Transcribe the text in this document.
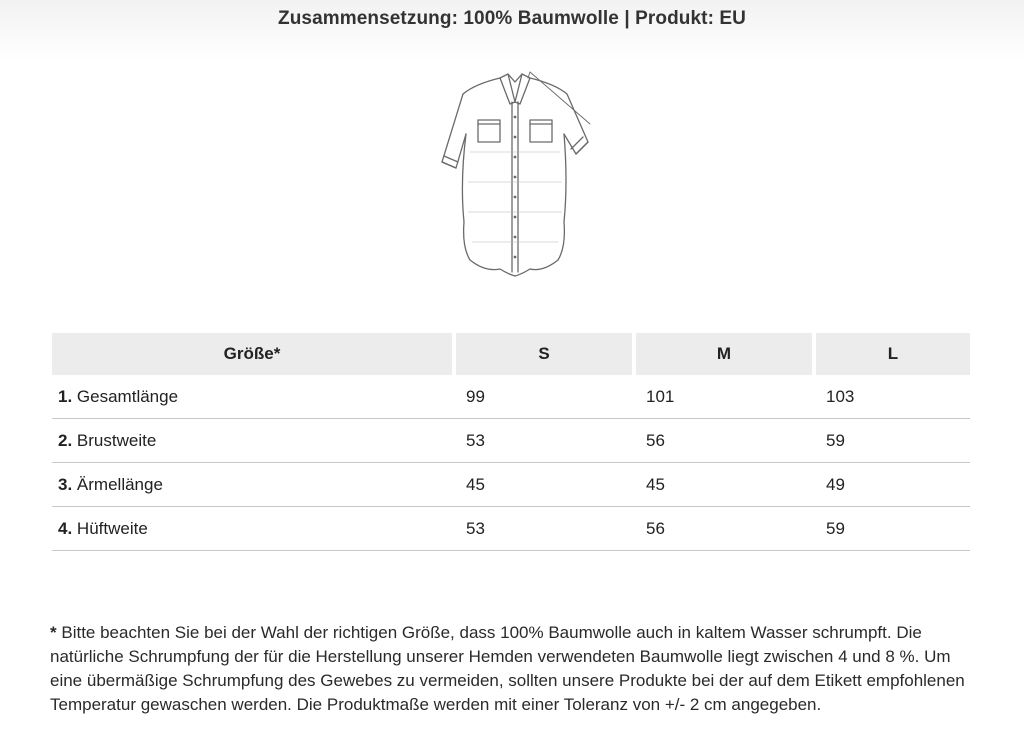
Zusammensetzung: 100% Baumwolle | Produkt: EU
Größe*	S	M	L
1. Gesamtlänge	99	101	103
2. Brustweite	53	56	59
3. Ärmellänge	45	45	49
4. Hüftweite	53	56	59
* Bitte beachten Sie bei der Wahl der richtigen Größe, dass 100% Baumwolle auch in kaltem Wasser schrumpft. Die natürliche Schrumpfung der für die Herstellung unserer Hemden verwendeten Baumwolle liegt zwischen 4 und 8 %. Um eine übermäßige Schrumpfung des Gewebes zu vermeiden, sollten unsere Produkte bei der auf dem Etikett empfohlenen Temperatur gewaschen werden. Die Produktmaße werden mit einer Toleranz von +/- 2 cm angegeben.
